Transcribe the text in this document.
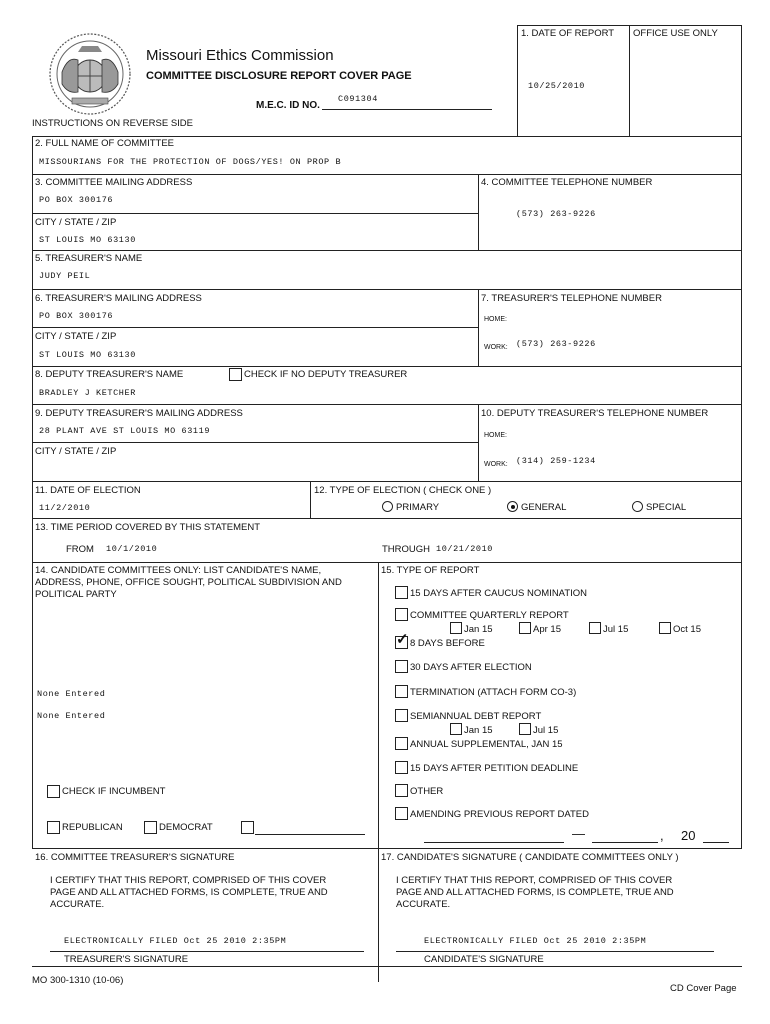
Missouri Ethics Commission
COMMITTEE DISCLOSURE REPORT COVER PAGE
M.E.C. ID NO.
C091304
INSTRUCTIONS ON REVERSE SIDE
1. DATE OF REPORT OFFICE USE ONLY
10/25/2010
2. FULL NAME OF COMMITTEE
MISSOURIANS FOR THE PROTECTION OF DOGS/YES! ON PROP B
3. COMMITTEE MAILING ADDRESS
PO BOX 300176
CITY / STATE / ZIP
ST LOUIS MO 63130
4. COMMITTEE TELEPHONE NUMBER
(573) 263-9226
5. TREASURER'S NAME
JUDY PEIL
6. TREASURER'S MAILING ADDRESS
PO BOX 300176
CITY / STATE / ZIP
ST LOUIS MO 63130
7. TREASURER'S TELEPHONE NUMBER
HOME:
WORK: (573) 263-9226
8. DEPUTY TREASURER'S NAME	CHECK IF NO DEPUTY TREASURER
BRADLEY J KETCHER
9. DEPUTY TREASURER'S MAILING ADDRESS
28 PLANT AVE ST LOUIS MO 63119
CITY / STATE / ZIP
10. DEPUTY TREASURER'S TELEPHONE NUMBER
HOME:
WORK: (314) 259-1234
11. DATE OF ELECTION
11/2/2010
12. TYPE OF ELECTION ( CHECK ONE )
PRIMARY	GENERAL	SPECIAL
13. TIME PERIOD COVERED BY THIS STATEMENT
FROM 10/1/2010	THROUGH 10/21/2010
14. CANDIDATE COMMITTEES ONLY: LIST CANDIDATE'S NAME,
ADDRESS, PHONE, OFFICE SOUGHT, POLITICAL SUBDIVISION AND
POLITICAL PARTY
None Entered
None Entered
CHECK IF INCUMBENT
REPUBLICAN	DEMOCRAT
15. TYPE OF REPORT
15 DAYS AFTER CAUCUS NOMINATION
COMMITTEE QUARTERLY REPORT
Jan 15	Apr 15	Jul 15	Oct 15
✓ 8 DAYS BEFORE
30 DAYS AFTER ELECTION
TERMINATION (ATTACH FORM CO-3)
SEMIANNUAL DEBT REPORT
Jan 15	Jul 15
ANNUAL SUPPLEMENTAL, JAN 15
15 DAYS AFTER PETITION DEADLINE
OTHER
AMENDING PREVIOUS REPORT DATED
—	, 20
16. COMMITTEE TREASURER'S SIGNATURE	17. CANDIDATE'S SIGNATURE ( CANDIDATE COMMITTEES ONLY )
I CERTIFY THAT THIS REPORT, COMPRISED OF THIS COVER
PAGE AND ALL ATTACHED FORMS, IS COMPLETE, TRUE AND
ACCURATE.
I CERTIFY THAT THIS REPORT, COMPRISED OF THIS COVER
PAGE AND ALL ATTACHED FORMS, IS COMPLETE, TRUE AND
ACCURATE.
ELECTRONICALLY FILED Oct 25 2010 2:35PM
TREASURER'S SIGNATURE
ELECTRONICALLY FILED Oct 25 2010 2:35PM
CANDIDATE'S SIGNATURE
MO 300-1310 (10-06)
CD Cover Page
